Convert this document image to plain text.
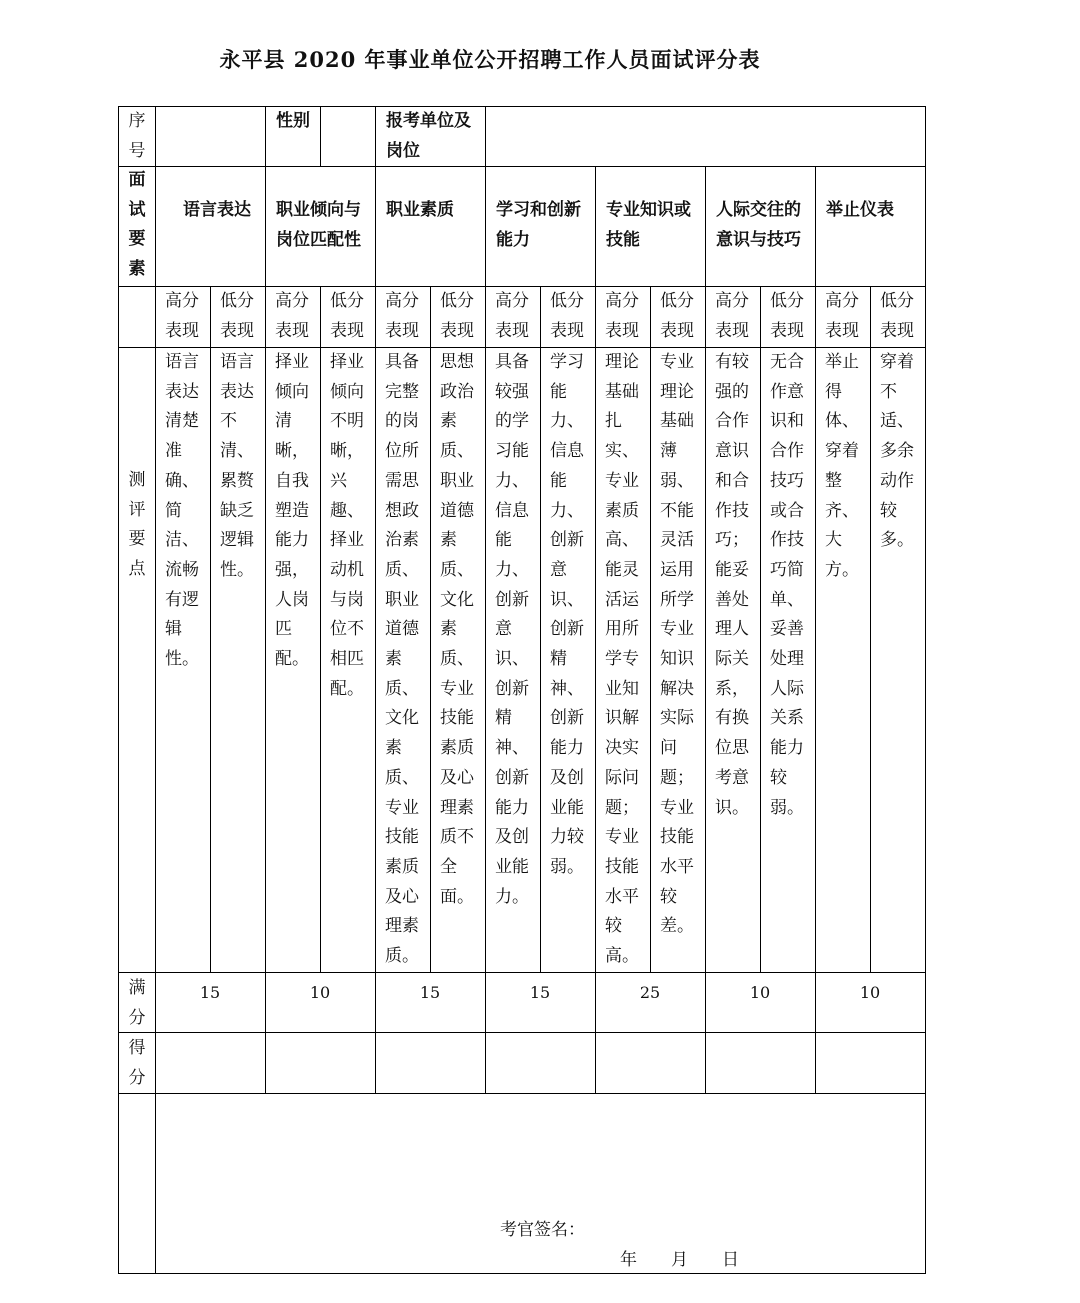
永平县 2020 年事业单位公开招聘工作人员面试评分表
序号
性别	报考单位及岗位
面试要素
测评要点
满分
得分
语言表达
高分表现
低分表现
语言表达清楚准确、简洁、流畅有逻辑性。
语言表达不清、累赘缺乏逻辑性。
15
职业倾向与岗位匹配性
高分表现
低分表现
择业倾向清晰，自我塑造能力强，人岗匹配。
择业倾向不明晰，兴趣、择业动机与岗位不相匹配。
10
职业素质
高分表现
低分表现
具备完整的岗位所需思想政治素质、职业道德素质、文化素质、专业技能素质及心理素质。
思想政治素质、职业道德素质、文化素质、专业技能素质及心理素质不全面。
15
学习和创新能力
高分表现
低分表现
具备较强的学习能力、信息能力、创新意识、创新精神、创新能力及创业能力。
学习能力、信息能力、创新意识、创新精神、创新能力及创业能力较弱。
15
专业知识或技能
高分表现
低分表现
理论基础扎实、专业素质高、能灵活运用所学专业知识解决实际问题；专业技能水平较高。
专业理论基础薄弱、不能灵活运用所学专业知识解决实际问题；专业技能水平较差。
25
人际交往的意识与技巧
高分表现
低分表现
有较强的合作意识和合作技巧；能妥善处理人际关系，有换位思考意识。
无合作意识和合作技巧或合作技巧简单、妥善处理人际关系能力较弱。
10
举止仪表
高分表现
低分表现
举止得体、穿着整齐、大方。
穿着不适、多余动作较多。
10
考官签名：
年　　月　　日
